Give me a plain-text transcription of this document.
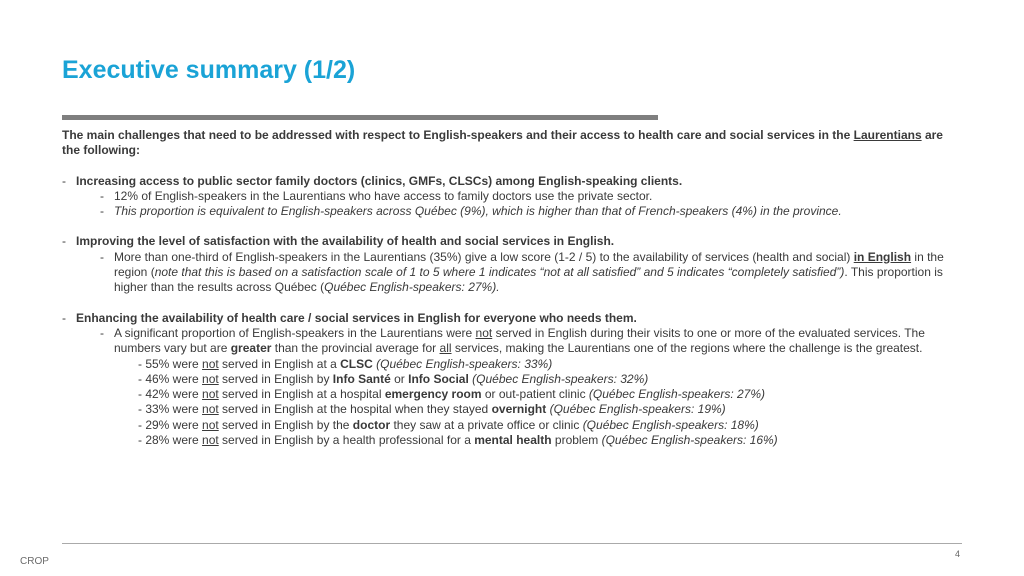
Executive summary (1/2)

The main challenges that need to be addressed with respect to English-speakers and their access to health care and social services in the Laurentians are the following:

- Increasing access to public sector family doctors (clinics, GMFs, CLSCs) among English-speaking clients.
- 12% of English-speakers in the Laurentians who have access to family doctors use the private sector.
- This proportion is equivalent to English-speakers across Québec (9%), which is higher than that of French-speakers (4%) in the province.
- Improving the level of satisfaction with the availability of health and social services in English.
- More than one-third of English-speakers in the Laurentians (35%) give a low score (1-2 / 5) to the availability of services (health and social) in English in the region (note that this is based on a satisfaction scale of 1 to 5 where 1 indicates “not at all satisfied” and 5 indicates “completely satisfied”). This proportion is higher than the results across Québec (Québec English-speakers: 27%).
- Enhancing the availability of health care / social services in English for everyone who needs them.
- A significant proportion of English-speakers in the Laurentians were not served in English during their visits to one or more of the evaluated services. The numbers vary but are greater than the provincial average for all services, making the Laurentians one of the regions where the challenge is the greatest.
- 55% were not served in English at a CLSC (Québec English-speakers: 33%)
- 46% were not served in English by Info Santé or Info Social (Québec English-speakers: 32%)
- 42% were not served in English at a hospital emergency room or out-patient clinic (Québec English-speakers: 27%)
- 33% were not served in English at the hospital when they stayed overnight (Québec English-speakers: 19%)
- 29% were not served in English by the doctor they saw at a private office or clinic (Québec English-speakers: 18%)
- 28% were not served in English by a health professional for a mental health problem (Québec English-speakers: 16%)
4
CROP
